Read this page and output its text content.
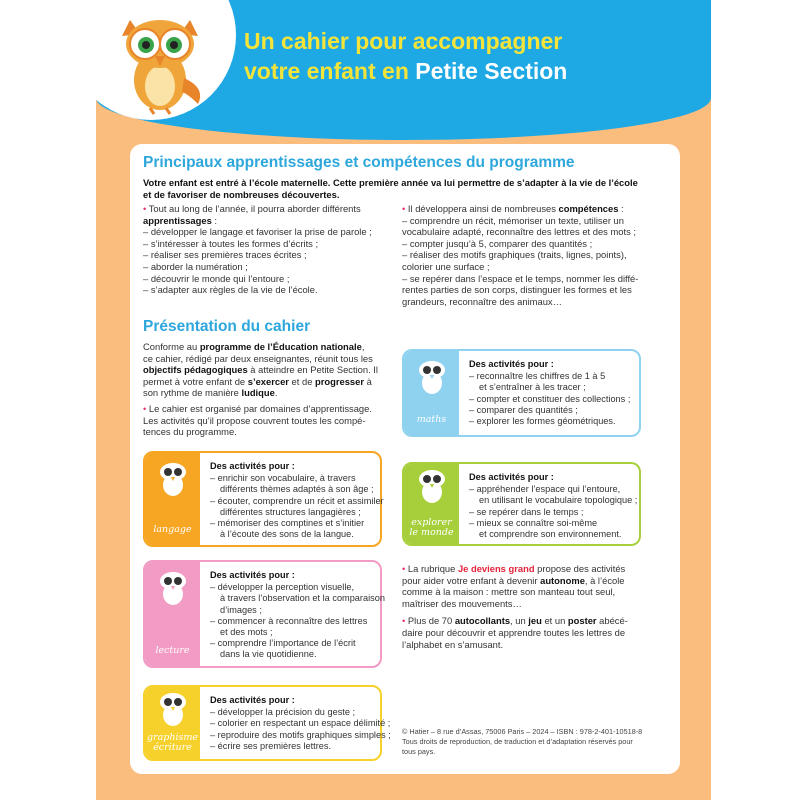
Un cahier pour accompagner
votre enfant en Petite Section
Principaux apprentissages et compétences du programme
Votre enfant est entré à l’école maternelle. Cette première année va lui permettre de s’adapter à la vie de l’école
et de favoriser de nombreuses découvertes.
• Tout au long de l’année, il pourra aborder différents
apprentissages :
– développer le langage et favoriser la prise de parole ;
– s’intéresser à toutes les formes d’écrits ;
– réaliser ses premières traces écrites ;
– aborder la numération ;
– découvrir le monde qui l’entoure ;
– s’adapter aux règles de la vie de l’école.
• Il développera ainsi de nombreuses compétences :
– comprendre un récit, mémoriser un texte, utiliser un
vocabulaire adapté, reconnaître des lettres et des mots ;
– compter jusqu’à 5, comparer des quantités ;
– réaliser des motifs graphiques (traits, lignes, points),
colorier une surface ;
– se repérer dans l’espace et le temps, nommer les diffé-
rentes parties de son corps, distinguer les formes et les
grandeurs, reconnaître des animaux…
Présentation du cahier
Conforme au programme de l’Éducation nationale,
ce cahier, rédigé par deux enseignantes, réunit tous les
objectifs pédagogiques à atteindre en Petite Section. Il
permet à votre enfant de s’exercer et de progresser à
son rythme de manière ludique.
• Le cahier est organisé par domaines d’apprentissage.
Les activités qu’il propose couvrent toutes les compé-
tences du programme.
langage
Des activités pour :
– enrichir son vocabulaire, à travers
différents thèmes adaptés à son âge ;
– écouter, comprendre un récit et assimiler
différentes structures langagières ;
– mémoriser des comptines et s’initier
à l’écoute des sons de la langue.
lecture
Des activités pour :
– développer la perception visuelle,
à travers l’observation et la comparaison
d’images ;
– commencer à reconnaître des lettres
et des mots ;
– comprendre l’importance de l’écrit
dans la vie quotidienne.
graphisme
écriture
Des activités pour :
– développer la précision du geste ;
– colorier en respectant un espace délimité ;
– reproduire des motifs graphiques simples ;
– écrire ses premières lettres.
maths
Des activités pour :
– reconnaître les chiffres de 1 à 5
et s’entraîner à les tracer ;
– compter et constituer des collections ;
– comparer des quantités ;
– explorer les formes géométriques.
explorer
le monde
Des activités pour :
– appréhender l’espace qui l’entoure,
en utilisant le vocabulaire topologique ;
– se repérer dans le temps ;
– mieux se connaître soi-même
et comprendre son environnement.
• La rubrique Je deviens grand propose des activités
pour aider votre enfant à devenir autonome, à l’école
comme à la maison : mettre son manteau tout seul,
maîtriser des mouvements…
• Plus de 70 autocollants, un jeu et un poster abécé-
daire pour découvrir et apprendre toutes les lettres de
l’alphabet en s’amusant.
© Hatier – 8 rue d’Assas, 75006 Paris – 2024 – ISBN : 978-2-401-10518-8
Tous droits de reproduction, de traduction et d’adaptation réservés pour
tous pays.
